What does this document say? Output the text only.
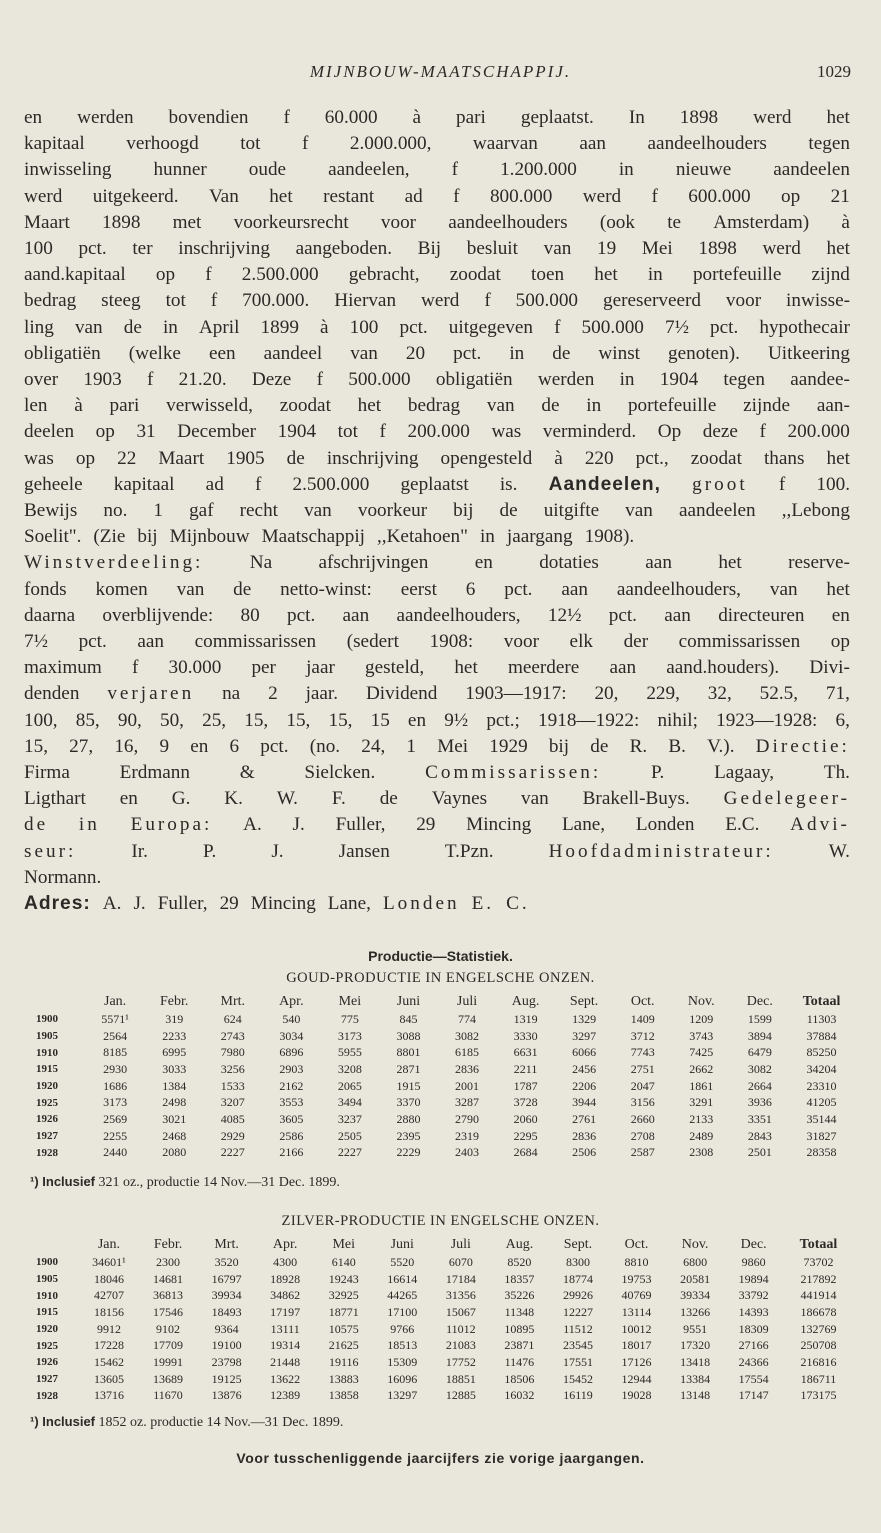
MIJNBOUW-MAATSCHAPPIJ.	1029
en werden bovendien f 60.000 à pari geplaatst. In 1898 werd het
kapitaal verhoogd tot f 2.000.000, waarvan aan aandeelhouders tegen
inwisseling hunner oude aandeelen, f 1.200.000 in nieuwe aandeelen
werd uitgekeerd. Van het restant ad f 800.000 werd f 600.000 op 21
Maart 1898 met voorkeursrecht voor aandeelhouders (ook te Amsterdam) à
100 pct. ter inschrijving aangeboden. Bij besluit van 19 Mei 1898 werd het
aand.kapitaal op f 2.500.000 gebracht, zoodat toen het in portefeuille zijnd
bedrag steeg tot f 700.000. Hiervan werd f 500.000 gereserveerd voor inwisse-
ling van de in April 1899 à 100 pct. uitgegeven f 500.000 7½ pct. hypothecair
obligatiën (welke een aandeel van 20 pct. in de winst genoten). Uitkeering
over 1903 f 21.20. Deze f 500.000 obligatiën werden in 1904 tegen aandee-
len à pari verwisseld, zoodat het bedrag van de in portefeuille zijnde aan-
deelen op 31 December 1904 tot f 200.000 was verminderd. Op deze f 200.000
was op 22 Maart 1905 de inschrijving opengesteld à 220 pct., zoodat thans het
geheele kapitaal ad f 2.500.000 geplaatst is. Aandeelen, groot f 100.
Bewijs no. 1 gaf recht van voorkeur bij de uitgifte van aandeelen ,,Lebong
Soelit". (Zie bij Mijnbouw Maatschappij ,,Ketahoen" in jaargang 1908).
Winstverdeeling: Na afschrijvingen en dotaties aan het reserve-
fonds komen van de netto-winst: eerst 6 pct. aan aandeelhouders, van het
daarna overblijvende: 80 pct. aan aandeelhouders, 12½ pct. aan directeuren en
7½ pct. aan commissarissen (sedert 1908: voor elk der commissarissen op
maximum f 30.000 per jaar gesteld, het meerdere aan aand.houders). Divi-
denden verjaren na 2 jaar. Dividend 1903—1917: 20, 229, 32, 52.5, 71,
100, 85, 90, 50, 25, 15, 15, 15, 15 en 9½ pct.; 1918—1922: nihil; 1923—1928: 6,
15, 27, 16, 9 en 6 pct. (no. 24, 1 Mei 1929 bij de R. B. V.). Directie:
Firma	Erdmann	&	Sielcken.	Commissarissen:	P.	Lagaay,	Th.
Ligthart en G. K. W. F. de Vaynes van Brakell-Buys. Gedelegeer-
de in Europa: A. J. Fuller, 29 Mincing Lane, Londen E.C. Advi-
seur:	Ir.	P.	J.	Jansen	T.Pzn.	Hoofdadministrateur:	W.
Normann.
Adres: A. J. Fuller, 29 Mincing Lane, Londen E. C.
Productie—Statistiek.
GOUD-PRODUCTIE IN ENGELSCHE ONZEN.
	Jan.	Febr.	Mrt.	Apr.	Mei	Juni	Juli	Aug.	Sept.	Oct.	Nov.	Dec.	Totaal
1900	5571¹	319	624	540	775	845	774	1319	1329	1409	1209	1599	11303
1905	2564	2233	2743	3034	3173	3088	3082	3330	3297	3712	3743	3894	37884
1910	8185	6995	7980	6896	5955	8801	6185	6631	6066	7743	7425	6479	85250
1915	2930	3033	3256	2903	3208	2871	2836	2211	2456	2751	2662	3082	34204
1920	1686	1384	1533	2162	2065	1915	2001	1787	2206	2047	1861	2664	23310
1925	3173	2498	3207	3553	3494	3370	3287	3728	3944	3156	3291	3936	41205
1926	2569	3021	4085	3605	3237	2880	2790	2060	2761	2660	2133	3351	35144
1927	2255	2468	2929	2586	2505	2395	2319	2295	2836	2708	2489	2843	31827
1928	2440	2080	2227	2166	2227	2229	2403	2684	2506	2587	2308	2501	28358
¹) Inclusief 321 oz., productie 14 Nov.—31 Dec. 1899.
ZILVER-PRODUCTIE IN ENGELSCHE ONZEN.
	Jan.	Febr.	Mrt.	Apr.	Mei	Juni	Juli	Aug.	Sept.	Oct.	Nov.	Dec.	Totaal
1900	34601¹	2300	3520	4300	6140	5520	6070	8520	8300	8810	6800	9860	73702
1905	18046	14681	16797	18928	19243	16614	17184	18357	18774	19753	20581	19894	217892
1910	42707	36813	39934	34862	32925	44265	31356	35226	29926	40769	39334	33792	441914
1915	18156	17546	18493	17197	18771	17100	15067	11348	12227	13114	13266	14393	186678
1920	9912	9102	9364	13111	10575	9766	11012	10895	11512	10012	9551	18309	132769
1925	17228	17709	19100	19314	21625	18513	21083	23871	23545	18017	17320	27166	250708
1926	15462	19991	23798	21448	19116	15309	17752	11476	17551	17126	13418	24366	216816
1927	13605	13689	19125	13622	13883	16096	18851	18506	15452	12944	13384	17554	186711
1928	13716	11670	13876	12389	13858	13297	12885	16032	16119	19028	13148	17147	173175
¹) Inclusief 1852 oz. productie 14 Nov.—31 Dec. 1899.
Voor tusschenliggende jaarcijfers zie vorige jaargangen.
